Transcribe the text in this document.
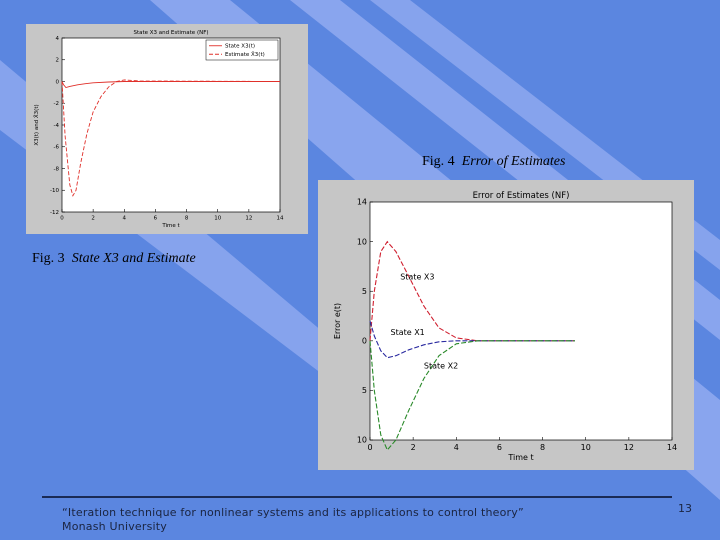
State X3 and Estimate (NF)
0	2	4	6	8	10	12	14
4
2
0
-2
-4
-6
-8
-10
-12
Time t
X3(t) and X̂3(t)
State X3(t)
Estimate X̂3(t)
Error of Estimates (NF)
0	2	4	6	8	10	12	14
14
10
5
0
5
10
Time t
Error e(t)
State X3
State X1
State X2
Fig. 4 Error of Estimates
Fig. 3 State X3 and Estimate
“Iteration technique for nonlinear systems and its applications to control theory”
Monash University
13
